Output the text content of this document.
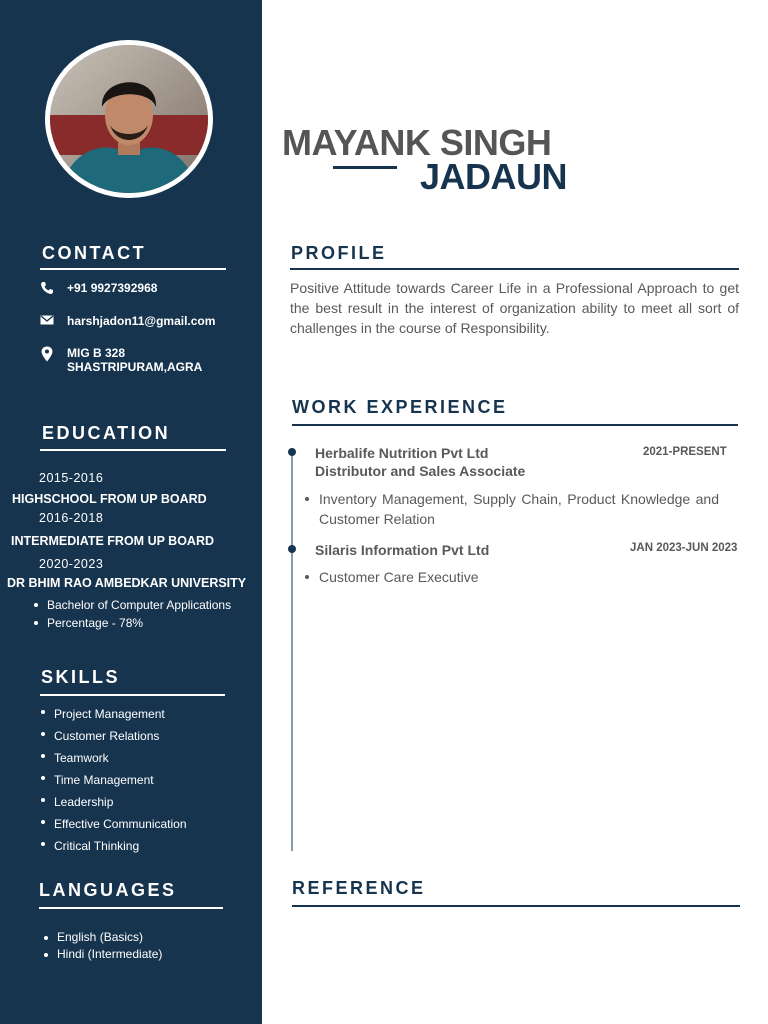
CONTACT
+91 9927392968
harshjadon11@gmail.com
MIG B 328
SHASTRIPURAM,AGRA
EDUCATION
2015-2016
HIGHSCHOOL FROM UP BOARD
2016-2018
INTERMEDIATE FROM UP BOARD
2020-2023
DR BHIM RAO AMBEDKAR UNIVERSITY
Bachelor of Computer Applications
Percentage - 78%
SKILLS
Project Management
Customer Relations
Teamwork
Time Management
Leadership
Effective Communication
Critical Thinking
LANGUAGES
English (Basics)
Hindi (Intermediate)
MAYANK SINGH
JADAUN
PROFILE
Positive Attitude towards Career Life in a Professional Approach to get the best result in the interest of organization ability to meet all sort of challenges in the course of Responsibility.
WORK EXPERIENCE
Herbalife Nutrition Pvt Ltd	2021-PRESENT
Distributor and Sales Associate
Inventory Management, Supply Chain, Product Knowledge and Customer Relation
Silaris Information Pvt Ltd	JAN 2023-JUN 2023
Customer Care Executive
REFERENCE
